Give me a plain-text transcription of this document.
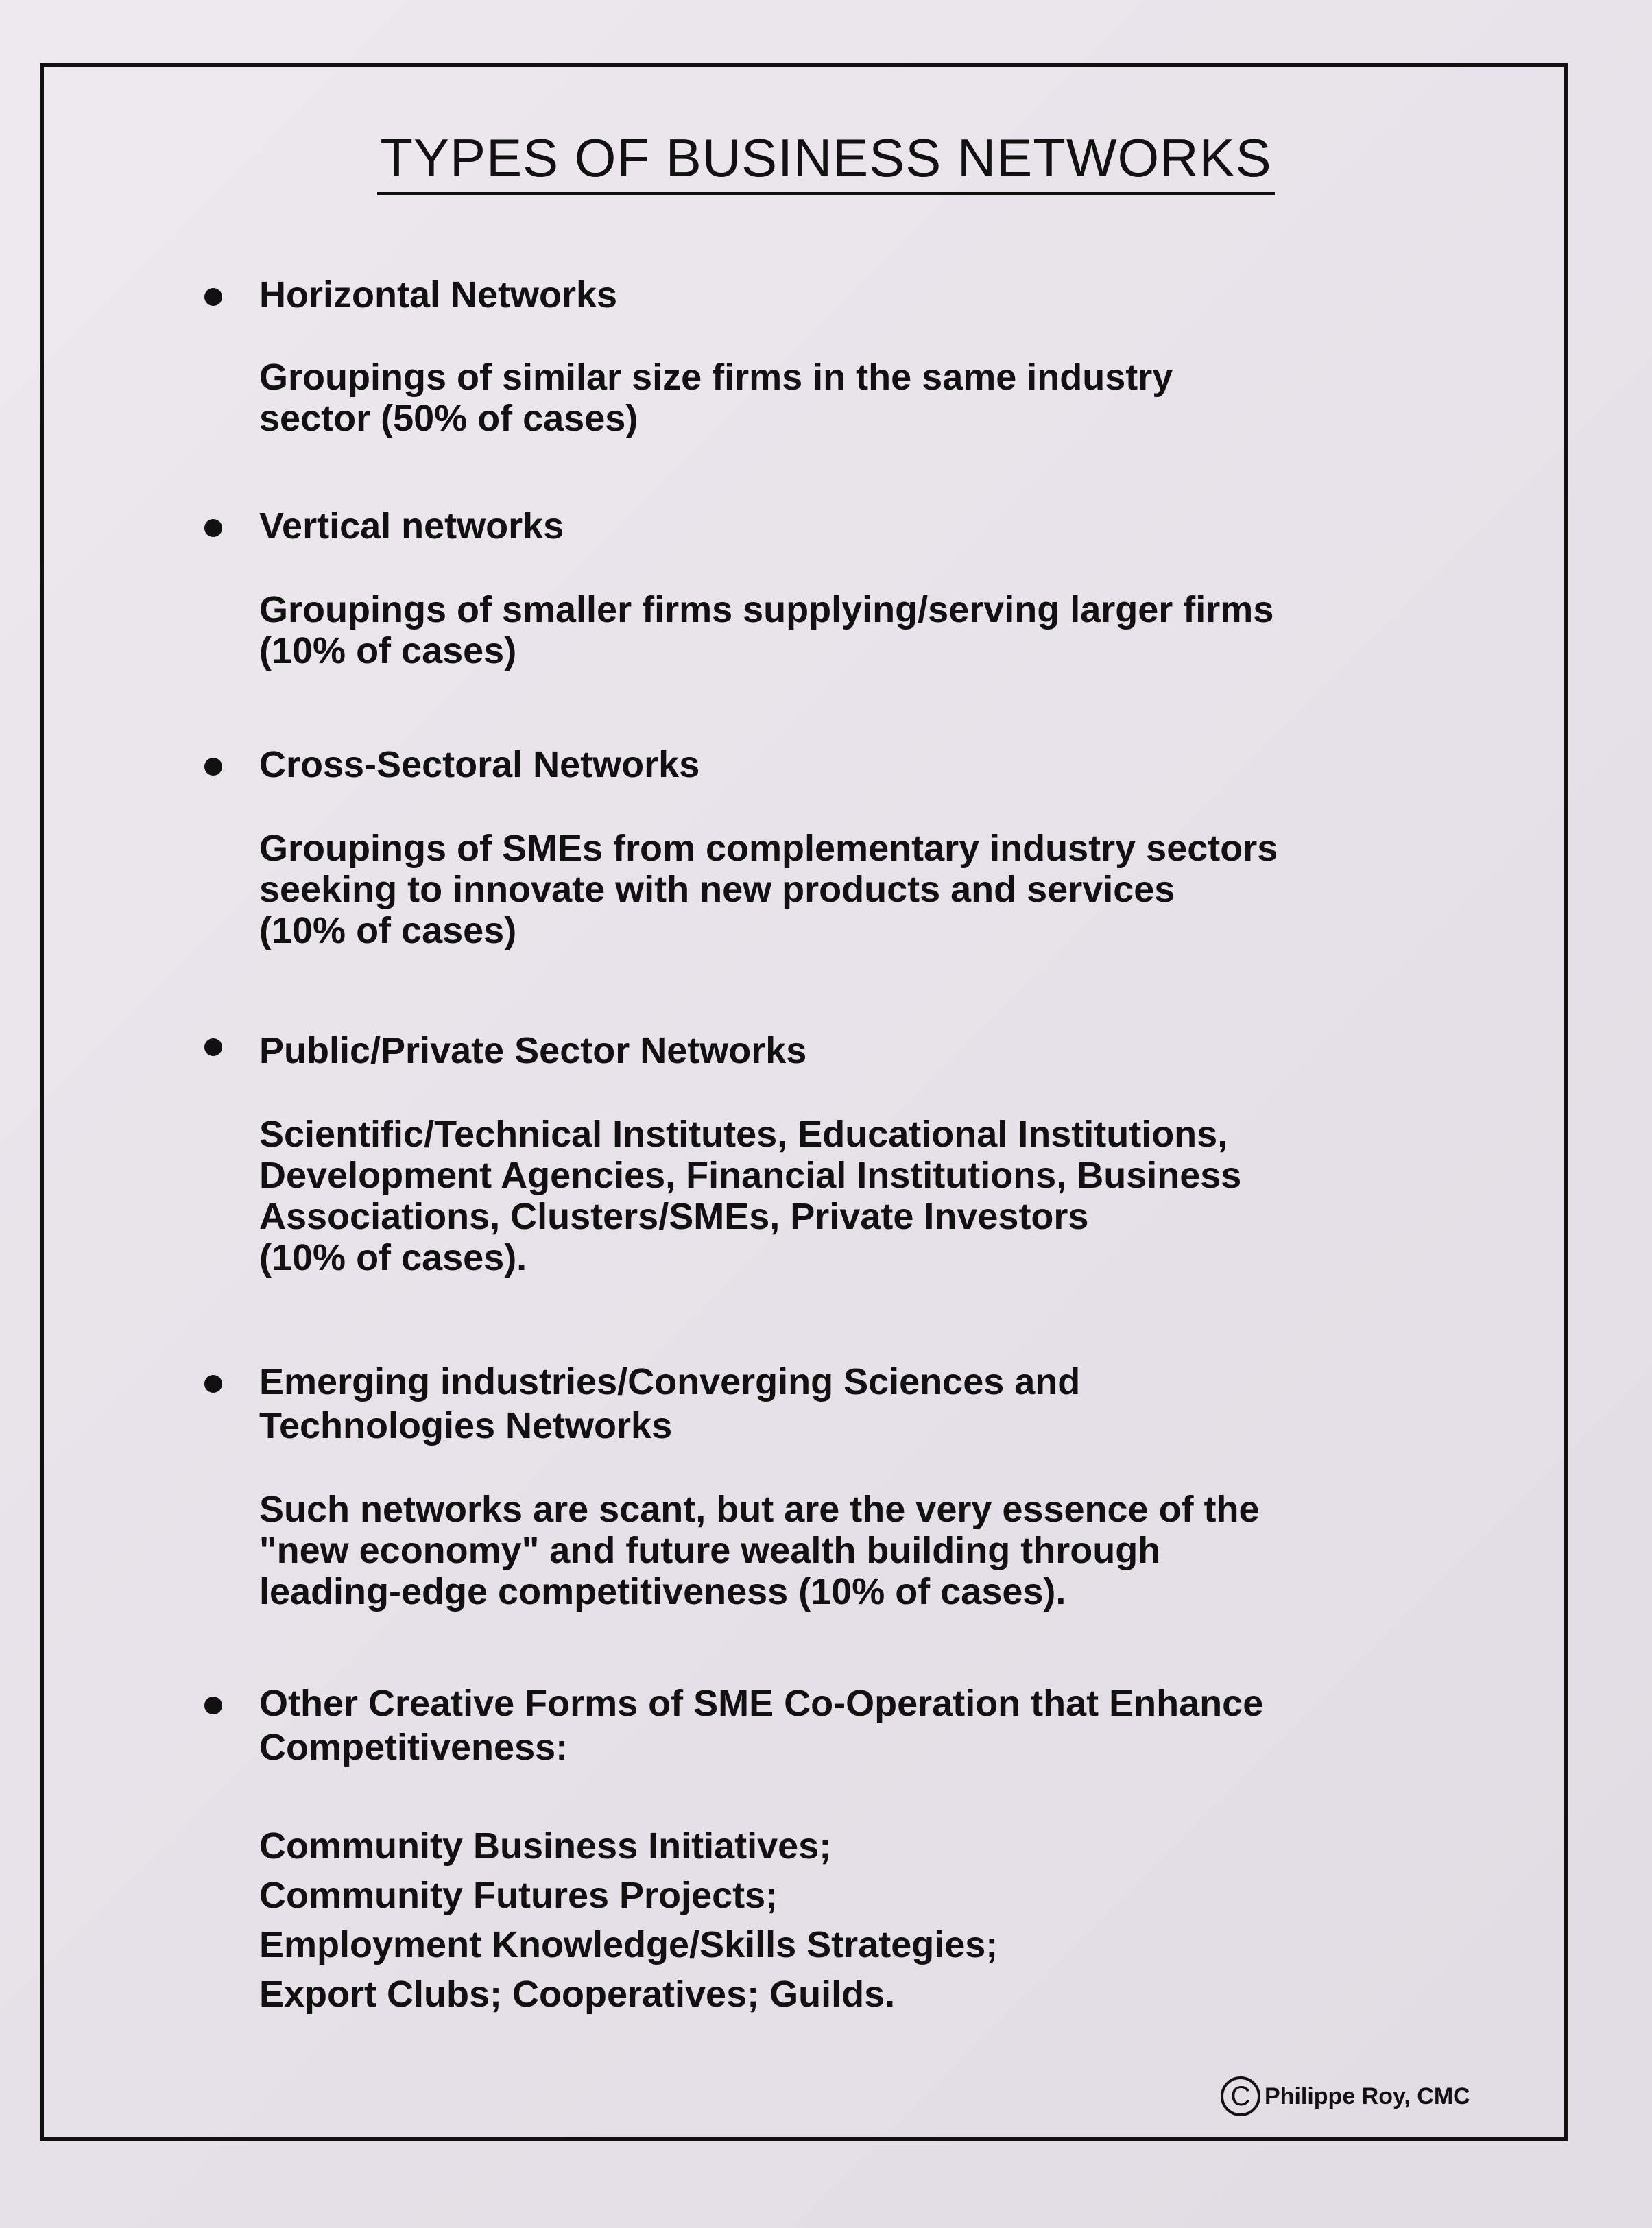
TYPES OF BUSINESS NETWORKS

Horizontal Networks

Groupings of similar size firms in the same industry
sector (50% of cases)

Vertical networks

Groupings of smaller firms supplying/serving larger firms
(10% of cases)

Cross-Sectoral Networks

Groupings of SMEs from complementary industry sectors
seeking to innovate with new products and services
(10% of cases)

Public/Private Sector Networks

Scientific/Technical Institutes, Educational Institutions,
Development Agencies, Financial Institutions, Business
Associations, Clusters/SMEs, Private Investors
(10% of cases).

Emerging industries/Converging Sciences and
Technologies Networks

Such networks are scant, but are the very essence of the
"new economy" and future wealth building through
leading-edge competitiveness (10% of cases).

Other Creative Forms of SME Co-Operation that Enhance
Competitiveness:

Community Business Initiatives;
Community Futures Projects;
Employment Knowledge/Skills Strategies;
Export Clubs; Cooperatives; Guilds.
C Philippe Roy, CMC
